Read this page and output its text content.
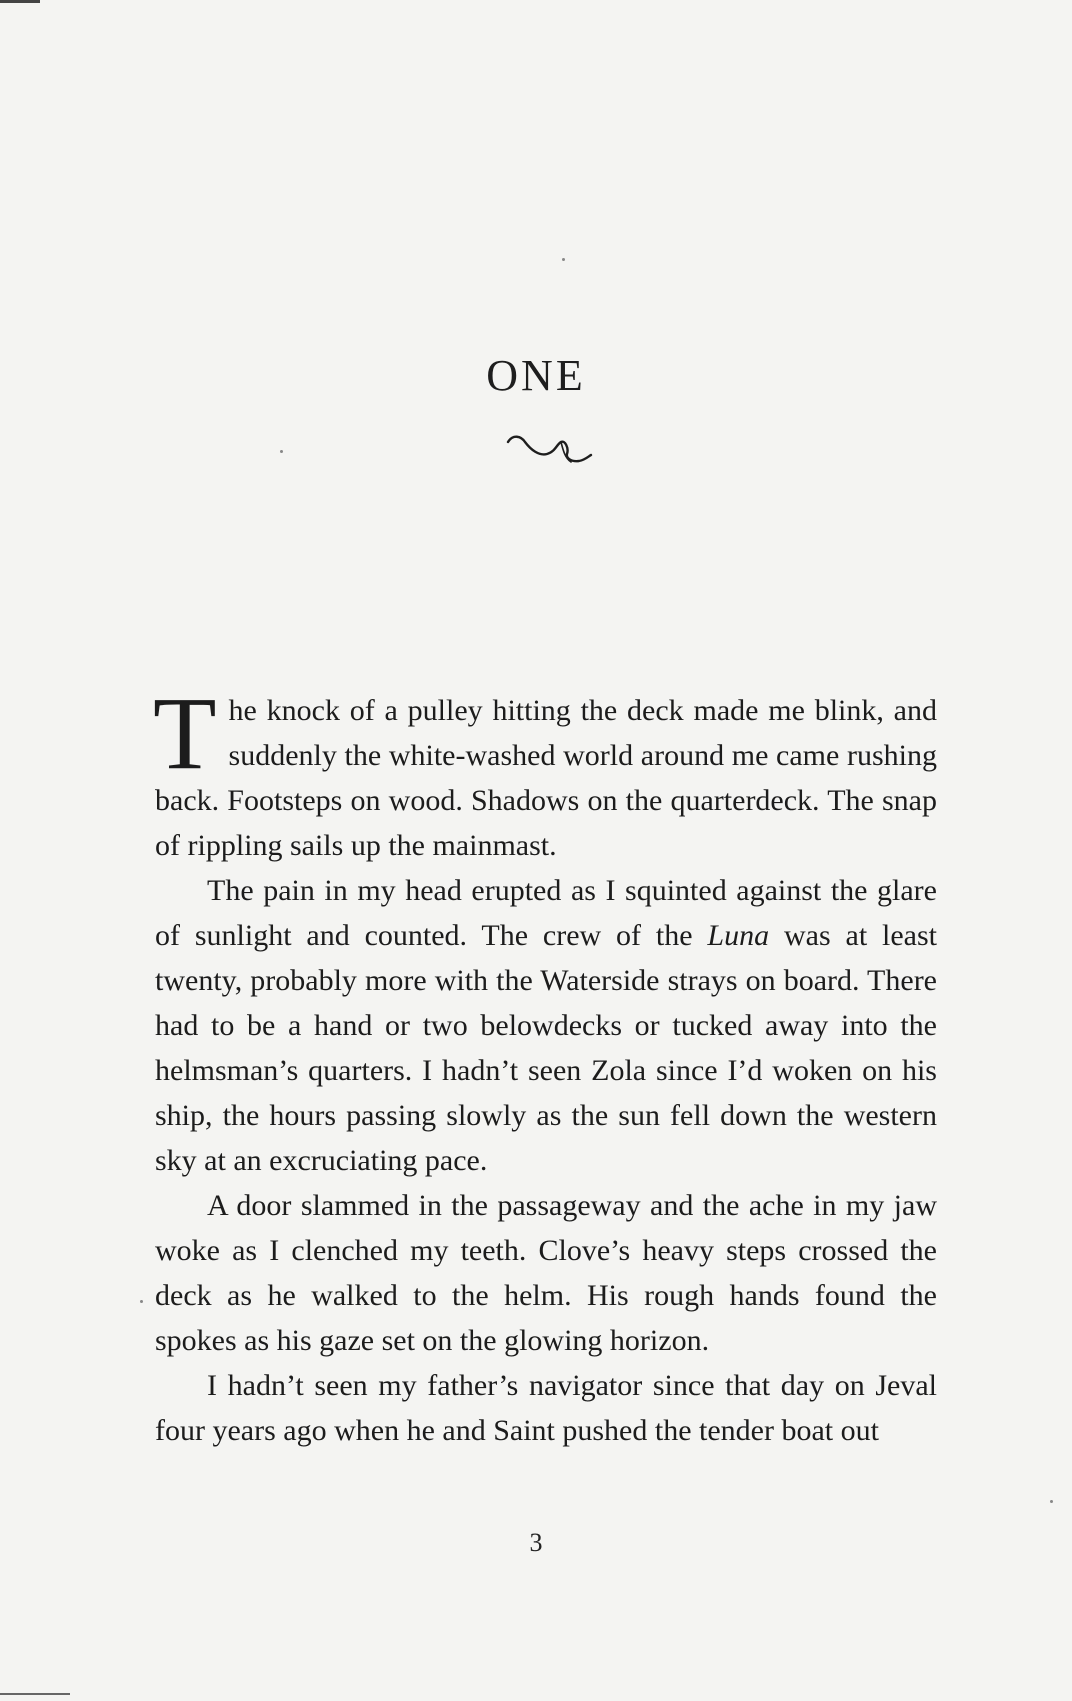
ONE

The knock of a pulley hitting the deck made me blink, and suddenly the white-washed world around me came rushing back. Footsteps on wood. Shadows on the quarterdeck. The snap of rippling sails up the mainmast.

The pain in my head erupted as I squinted against the glare of sunlight and counted. The crew of the Luna was at least twenty, probably more with the Waterside strays on board. There had to be a hand or two belowdecks or tucked away into the helmsman’s quarters. I hadn’t seen Zola since I’d woken on his ship, the hours passing slowly as the sun fell down the western sky at an excruciating pace.

A door slammed in the passageway and the ache in my jaw woke as I clenched my teeth. Clove’s heavy steps crossed the deck as he walked to the helm. His rough hands found the spokes as his gaze set on the glowing horizon.

I hadn’t seen my father’s navigator since that day on Jeval four years ago when he and Saint pushed the tender boat out

3
